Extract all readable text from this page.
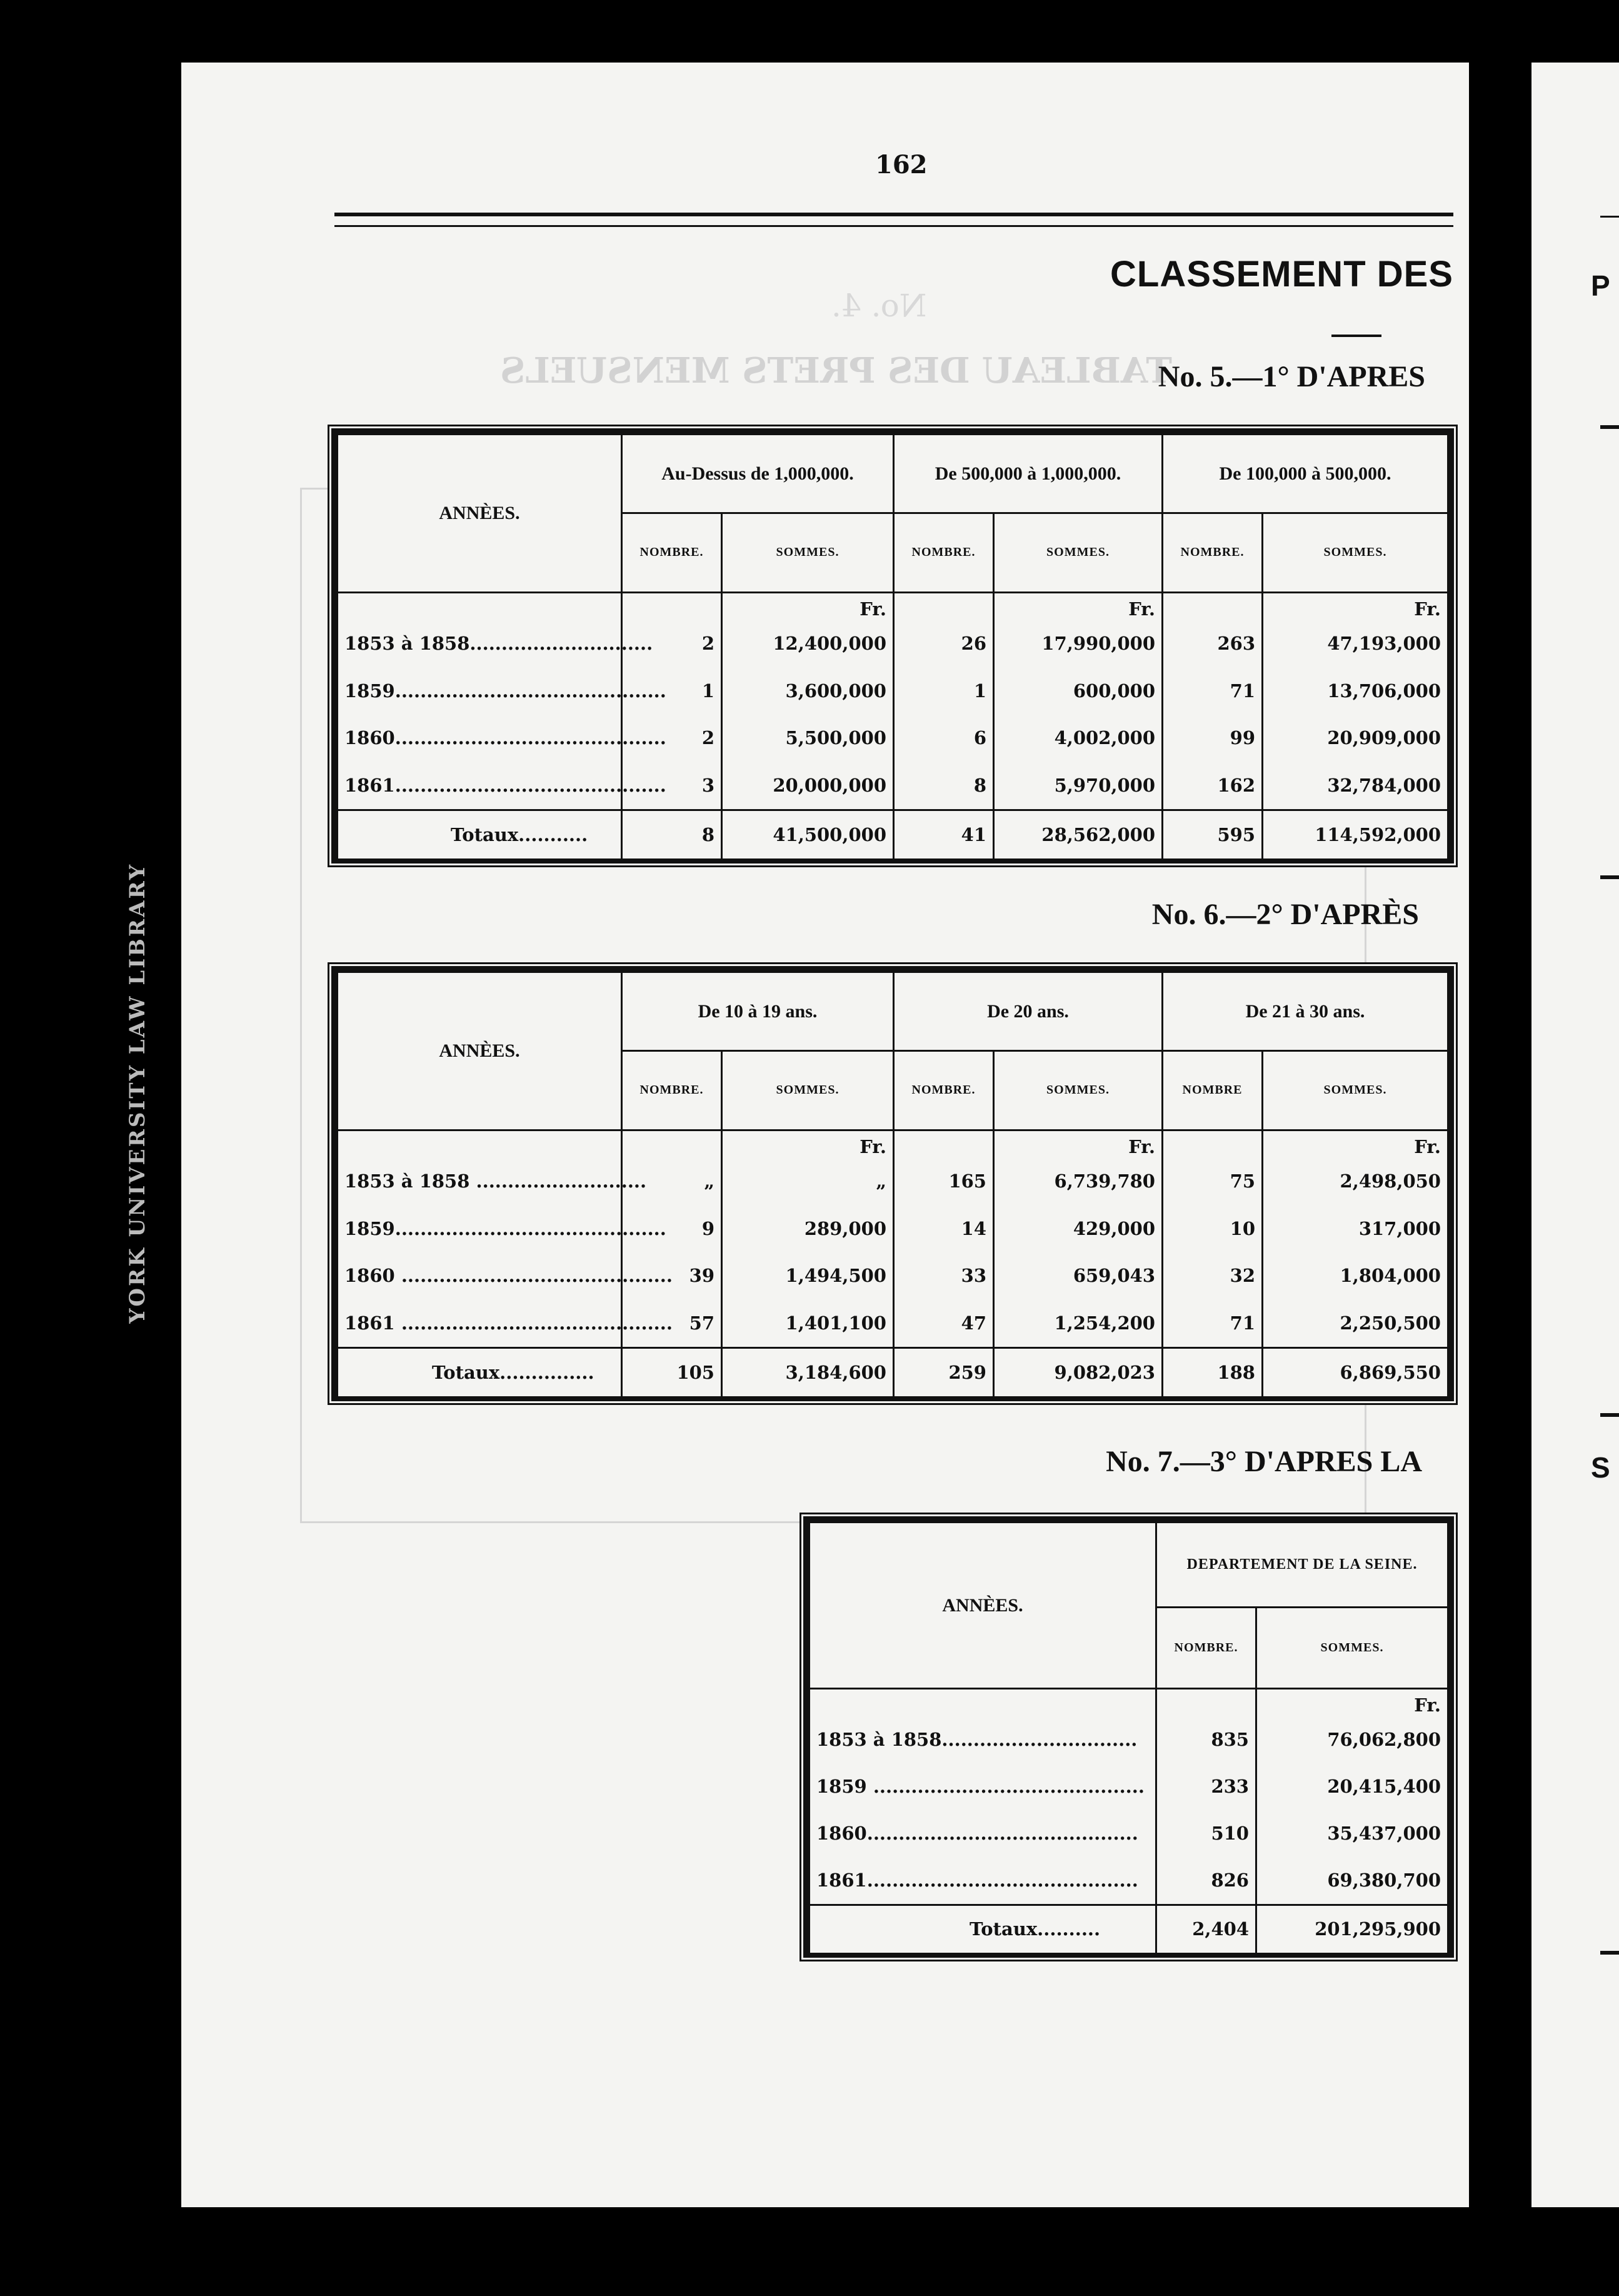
YORK UNIVERSITY LAW LIBRARY
No. 4.
TABLEAU DES PRETS MENSUELS
162
CLASSEMENT DES
No. 5.—1° D'APRES
ANNÈES.	Au-Dessus de 1,000,000.		De 500,000 à 1,000,000.		De 100,000 à 500,000.	
	NOMBRE.	SOMMES.	NOMBRE.	SOMMES.	NOMBRE.	SOMMES.
		Fr.		Fr.		Fr.
1853 à 1858.............................	2	12,400,000	26	17,990,000	263	47,193,000
1859...........................................	1	3,600,000	1	600,000	71	13,706,000
1860...........................................	2	5,500,000	6	4,002,000	99	20,909,000
1861...........................................	3	20,000,000	8	5,970,000	162	32,784,000
Totaux...........	8	41,500,000	41	28,562,000	595	114,592,000
No. 6.—2° D'APRÈS
ANNÈES.	De 10 à 19 ans.		De 20 ans.		De 21 à 30 ans.	
	NOMBRE.	SOMMES.	NOMBRE.	SOMMES.	NOMBRE	SOMMES.
		Fr.		Fr.		Fr.
1853 à 1858 ...........................	„	„	165	6,739,780	75	2,498,050
1859...........................................	9	289,000	14	429,000	10	317,000
1860 ...........................................	39	1,494,500	33	659,043	32	1,804,000
1861 ...........................................	57	1,401,100	47	1,254,200	71	2,250,500
Totaux...............	105	3,184,600	259	9,082,023	188	6,869,550
No. 7.—3° D'APRES LA
ANNÈES.	DEPARTEMENT DE LA SEINE.	
	NOMBRE.	SOMMES.
		Fr.
1853 à 1858...............................	835	76,062,800
1859 ...........................................	233	20,415,400
1860...........................................	510	35,437,000
1861...........................................	826	69,380,700
Totaux..........	2,404	201,295,900
P
S
